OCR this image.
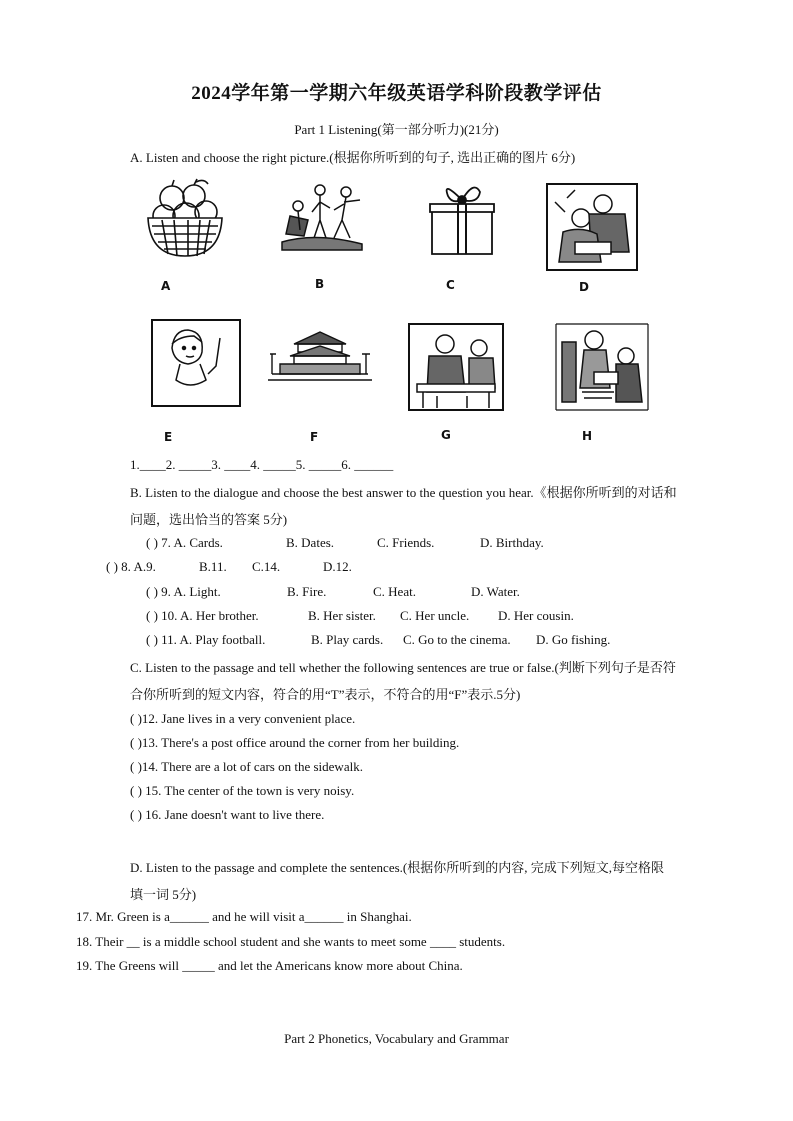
2024学年第一学期六年级英语学科阶段教学评估
Part 1 Listening(第一部分听力)(21分)
A. Listen and choose the right picture.(根据你所听到的句子, 选出正确的图片 6分)
A	B	C	D
E	F	G	H
1.____2. _____3. ____4. _____5. _____6. ______
B. Listen to the dialogue and choose the best answer to the question you hear.《根据你所听到的对话和
问题，选出恰当的答案 5分)
( ) 7. A. Cards.	B. Dates.	C. Friends.	D. Birthday.
( ) 8. A.9.	B.11. C.14.	D.12.
( ) 9. A. Light.	B. Fire.	C. Heat.	D. Water.
( ) 10. A. Her brother.	B. Her sister. C. Her uncle. D. Her cousin.
( ) 11. A. Play football.	B. Play cards. C. Go to the cinema. D. Go fishing.
C. Listen to the passage and tell whether the following sentences are true or false.(判断下列句子是否符
合你所听到的短文内容，符合的用“T”表示，不符合的用“F”表示.5分)
( )12. Jane lives in a very convenient place.
( )13. There's a post office around the corner from her building.
( )14. There are a lot of cars on the sidewalk.
( ) 15. The center of the town is very noisy.
( ) 16. Jane doesn't want to live there.
D. Listen to the passage and complete the sentences.(根据你所听到的内容, 完成下列短文,每空格限
填一词 5分)
17. Mr. Green is a______ and he will visit a______ in Shanghai.
18. Their __ is a middle school student and she wants to meet some ____ students.
19. The Greens will _____ and let the Americans know more about China.
Part 2 Phonetics, Vocabulary and Grammar
